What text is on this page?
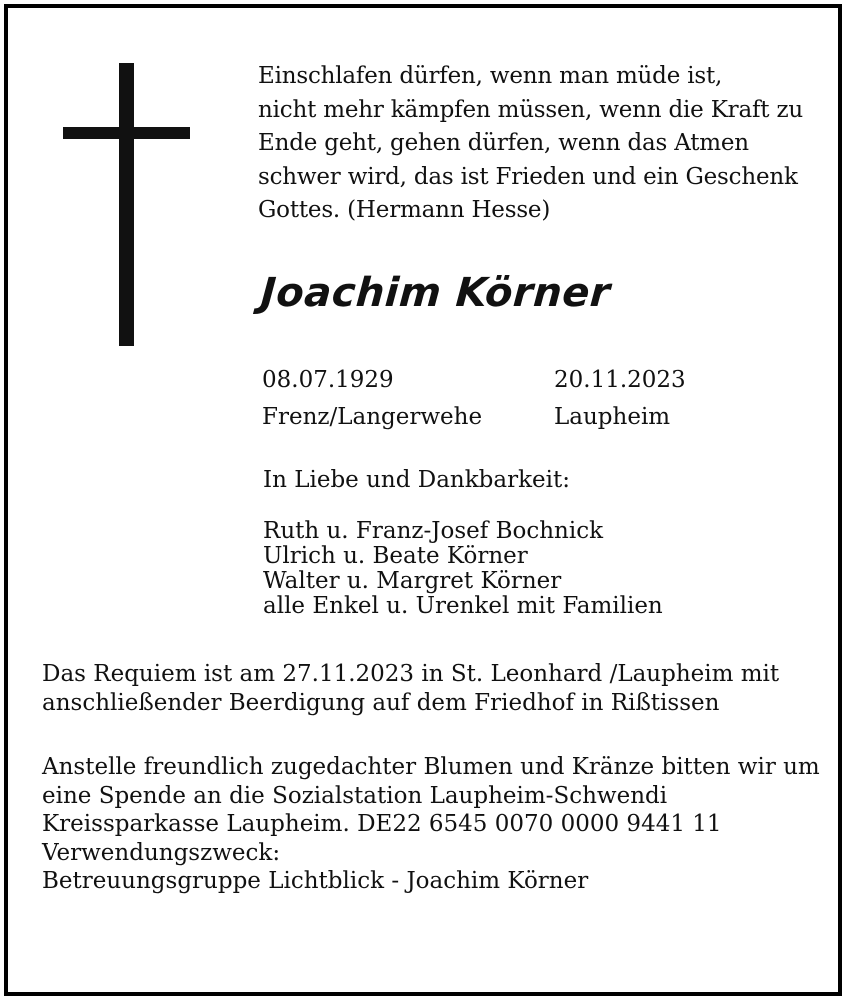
Einschlafen dürfen, wenn man müde ist,
nicht mehr kämpfen müssen, wenn die Kraft zu
Ende geht, gehen dürfen, wenn das Atmen
schwer wird, das ist Frieden und ein Geschenk
Gottes. (Hermann Hesse)
Joachim Körner
08.07.1929
Frenz/Langerwehe
20.11.2023
Laupheim
In Liebe und Dankbarkeit:
Ruth u. Franz-Josef Bochnick
Ulrich u. Beate Körner
Walter u. Margret Körner
alle Enkel u. Urenkel mit Familien
Das Requiem ist am 27.11.2023 in St. Leonhard /Laupheim mit
anschließender Beerdigung auf dem Friedhof in Rißtissen
Anstelle freundlich zugedachter Blumen und Kränze bitten wir um
eine Spende an die Sozialstation Laupheim-Schwendi
Kreissparkasse Laupheim. DE22 6545 0070 0000 9441 11
Verwendungszweck:
Betreuungsgruppe Lichtblick - Joachim Körner
